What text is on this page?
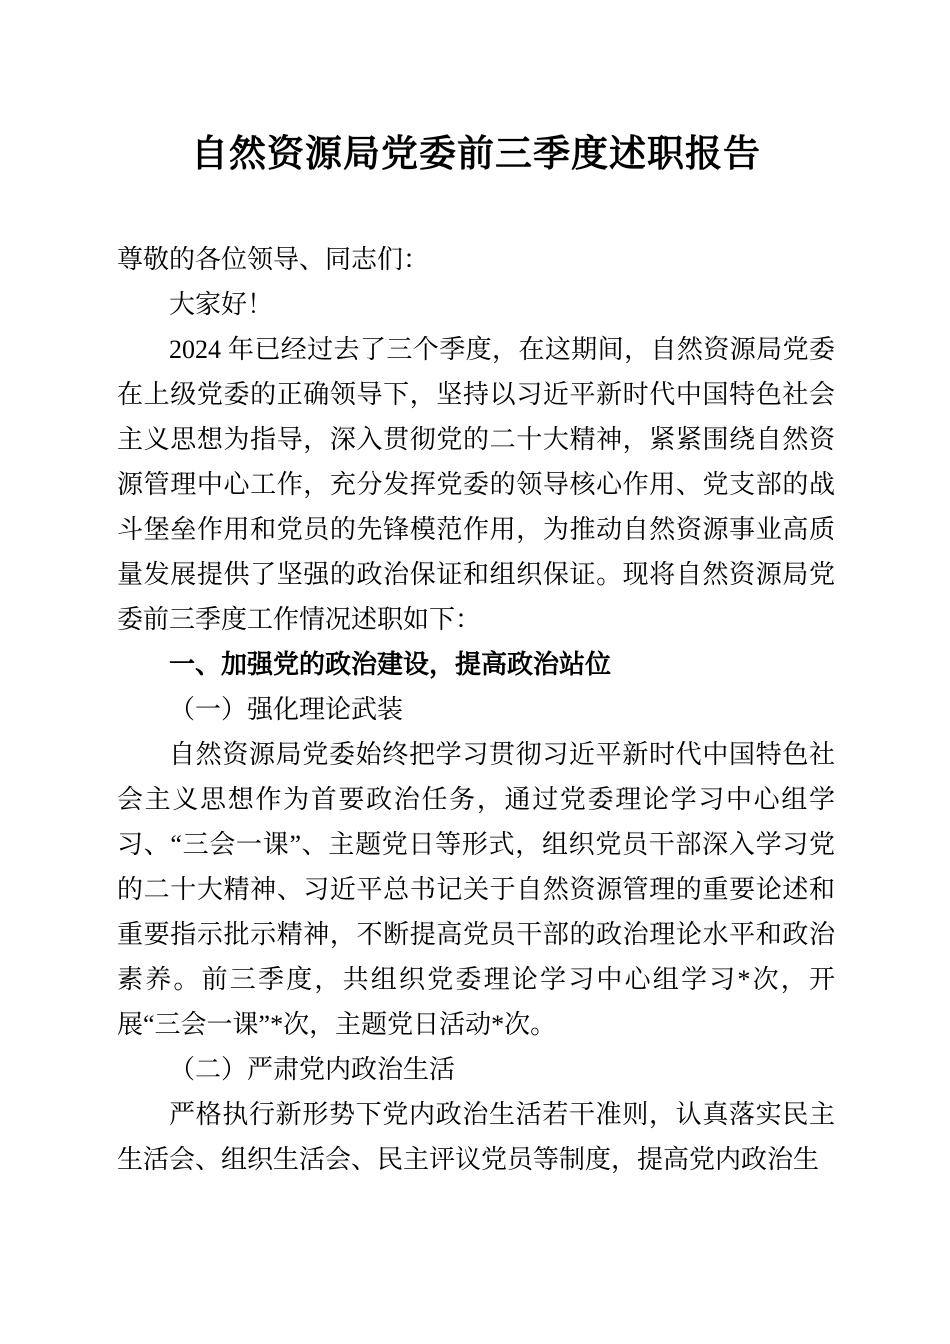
自然资源局党委前三季度述职报告

尊敬的各位领导、同志们：

大家好！

2024 年已经过去了三个季度，在这期间，自然资源局党委在上级党委的正确领导下，坚持以习近平新时代中国特色社会主义思想为指导，深入贯彻党的二十大精神，紧紧围绕自然资源管理中心工作，充分发挥党委的领导核心作用、党支部的战斗堡垒作用和党员的先锋模范作用，为推动自然资源事业高质量发展提供了坚强的政治保证和组织保证。现将自然资源局党委前三季度工作情况述职如下：

一、加强党的政治建设，提高政治站位

（一）强化理论武装

自然资源局党委始终把学习贯彻习近平新时代中国特色社会主义思想作为首要政治任务，通过党委理论学习中心组学习、“三会一课”、主题党日等形式，组织党员干部深入学习党的二十大精神、习近平总书记关于自然资源管理的重要论述和重要指示批示精神，不断提高党员干部的政治理论水平和政治素养。前三季度，共组织党委理论学习中心组学习*次，开展“三会一课”*次，主题党日活动*次。

（二）严肃党内政治生活

严格执行新形势下党内政治生活若干准则，认真落实民主生活会、组织生活会、民主评议党员等制度，提高党内政治生
